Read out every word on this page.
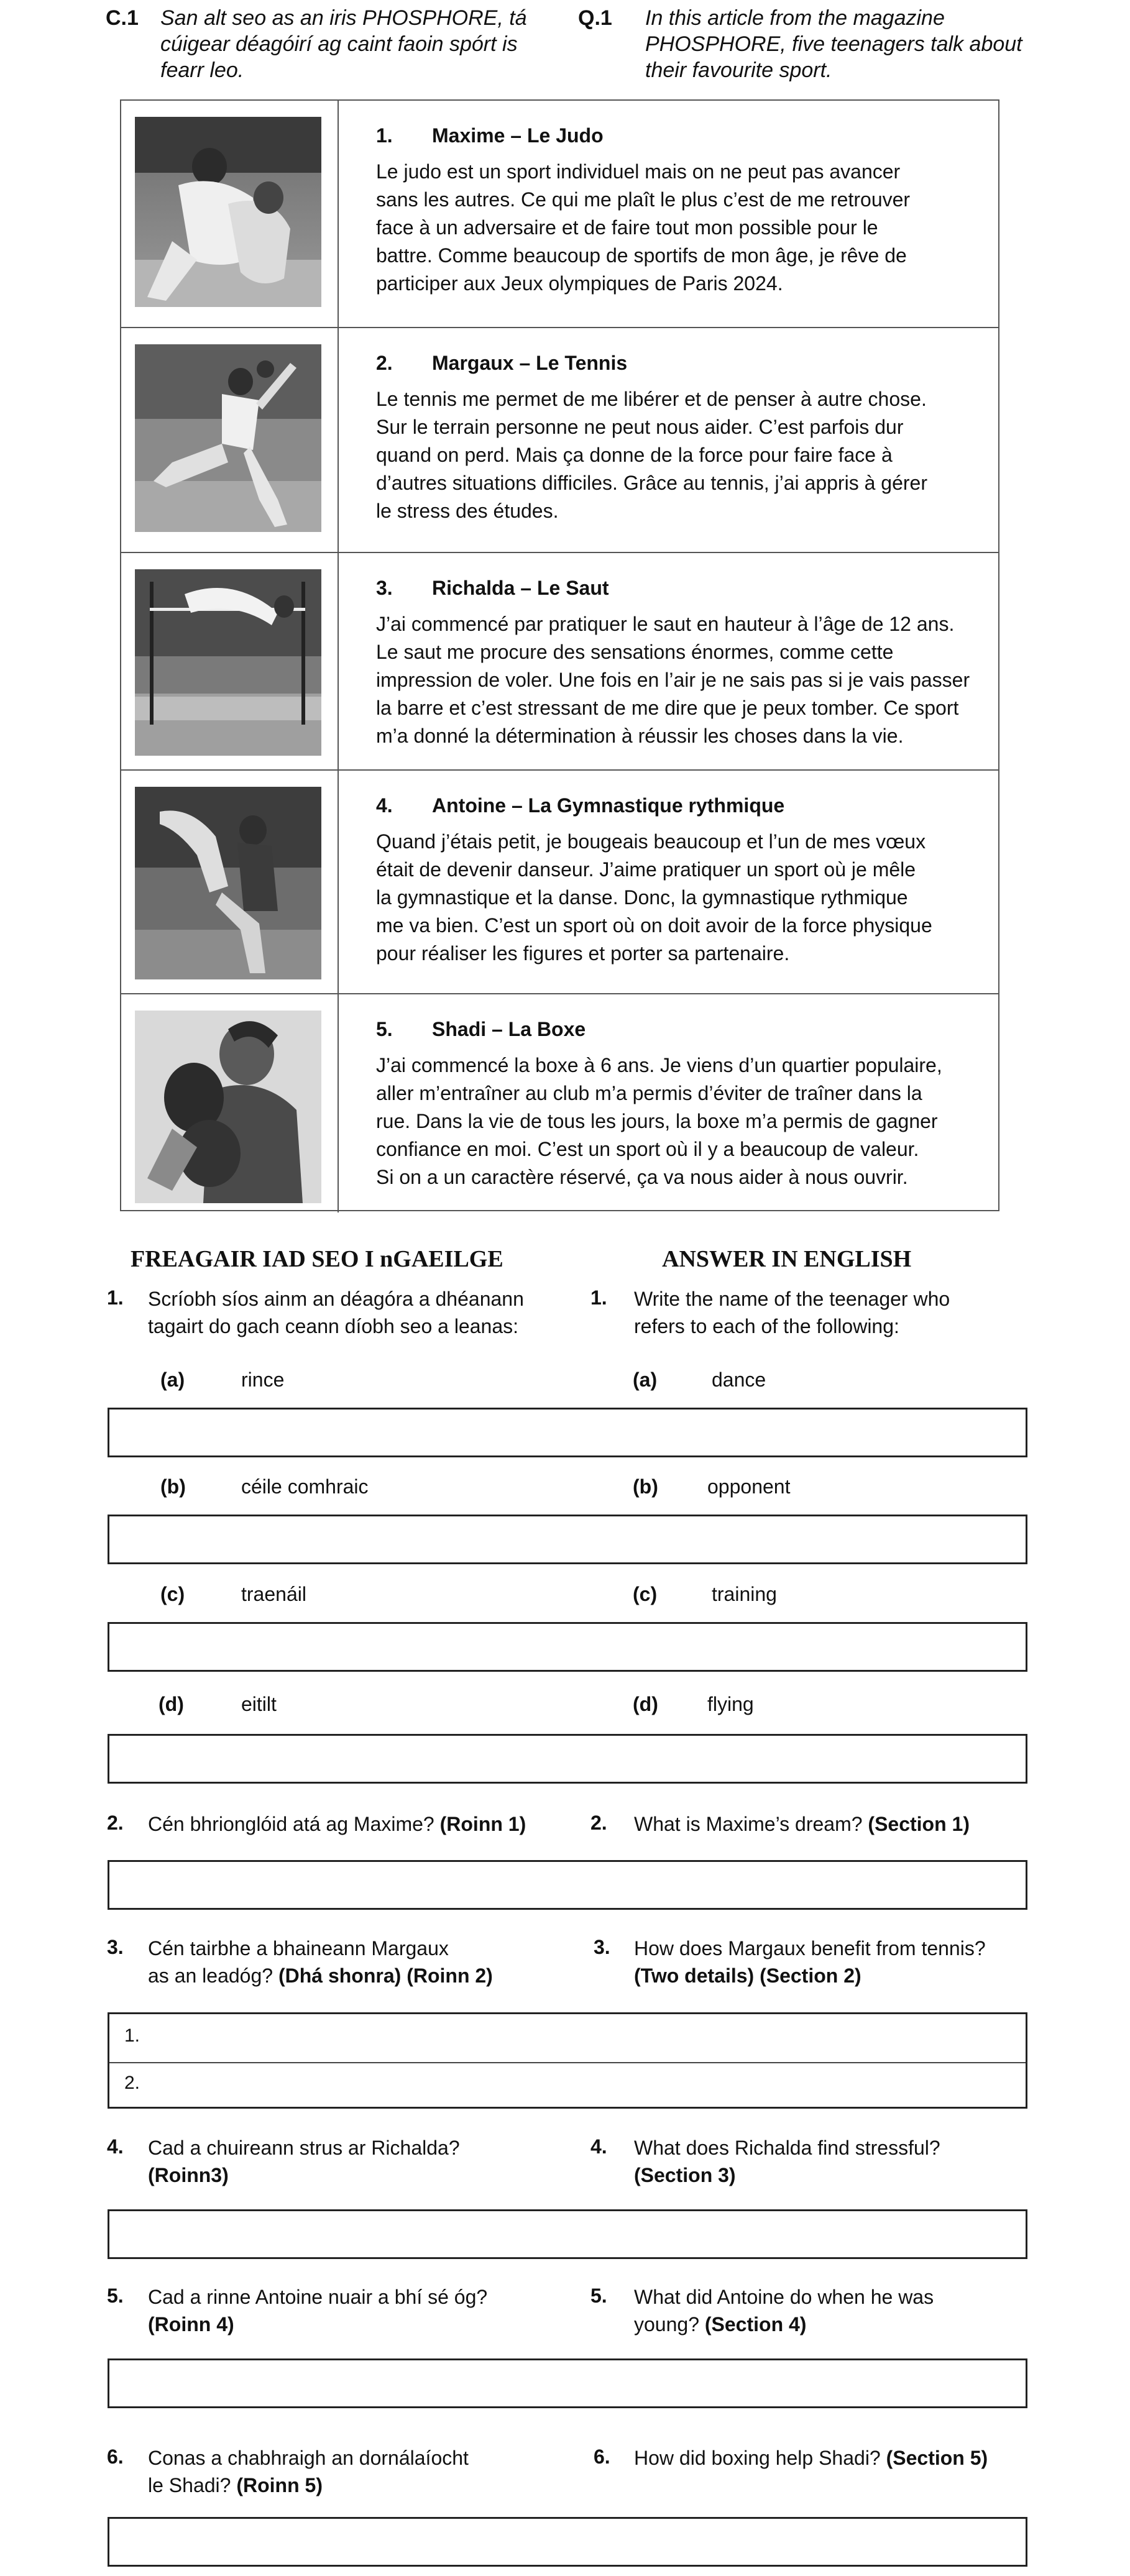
C.1 San alt seo as an iris PHOSPHORE, tá
cúigear déagóirí ag caint faoin spórt is
fearr leo.
Q.1 In this article from the magazine
PHOSPHORE, five teenagers talk about
their favourite sport.
1. Maxime – Le Judo
Le judo est un sport individuel mais on ne peut pas avancer
sans les autres. Ce qui me plaît le plus c’est de me retrouver
face à un adversaire et de faire tout mon possible pour le
battre. Comme beaucoup de sportifs de mon âge, je rêve de
participer aux Jeux olympiques de Paris 2024.
2. Margaux – Le Tennis
Le tennis me permet de me libérer et de penser à autre chose.
Sur le terrain personne ne peut nous aider. C’est parfois dur
quand on perd. Mais ça donne de la force pour faire face à
d’autres situations difficiles. Grâce au tennis, j’ai appris à gérer
le stress des études.
3. Richalda – Le Saut
J’ai commencé par pratiquer le saut en hauteur à l’âge de 12 ans.
Le saut me procure des sensations énormes, comme cette
impression de voler. Une fois en l’air je ne sais pas si je vais passer
la barre et c’est stressant de me dire que je peux tomber. Ce sport
m’a donné la détermination à réussir les choses dans la vie.
4. Antoine – La Gymnastique rythmique
Quand j’étais petit, je bougeais beaucoup et l’un de mes vœux
était de devenir danseur. J’aime pratiquer un sport où je mêle
la gymnastique et la danse. Donc, la gymnastique rythmique
me va bien. C’est un sport où on doit avoir de la force physique
pour réaliser les figures et porter sa partenaire.
5. Shadi – La Boxe
J’ai commencé la boxe à 6 ans. Je viens d’un quartier populaire,
aller m’entraîner au club m’a permis d’éviter de traîner dans la
rue. Dans la vie de tous les jours, la boxe m’a permis de gagner
confiance en moi. C’est un sport où il y a beaucoup de valeur.
Si on a un caractère réservé, ça va nous aider à nous ouvrir.
FREAGAIR IAD SEO I nGAEILGE	ANSWER IN ENGLISH
1. Scríobh síos ainm an déagóra a dhéanann
tagairt do gach ceann díobh seo a leanas:
1. Write the name of the teenager who
refers to each of the following:
(a)	rince	(a)	dance
(b)	céile comhraic	(b) opponent
(c)	traenáil	(c)	training
(d)	eitilt	(d) flying
2. Cén bhrionglóid atá ag Maxime? (Roinn 1)	2. What is Maxime’s dream? (Section 1)
3. Cén tairbhe a bhaineann Margaux
as an leadóg? (Dhá shonra) (Roinn 2)
3. How does Margaux benefit from tennis?
(Two details) (Section 2)
1.
2.
4. Cad a chuireann strus ar Richalda?
(Roinn3)
4. What does Richalda find stressful?
(Section 3)
5. Cad a rinne Antoine nuair a bhí sé óg?
(Roinn 4)
5. What did Antoine do when he was
young? (Section 4)
6. Conas a chabhraigh an dornálaíocht
le Shadi? (Roinn 5)
6. How did boxing help Shadi? (Section 5)
